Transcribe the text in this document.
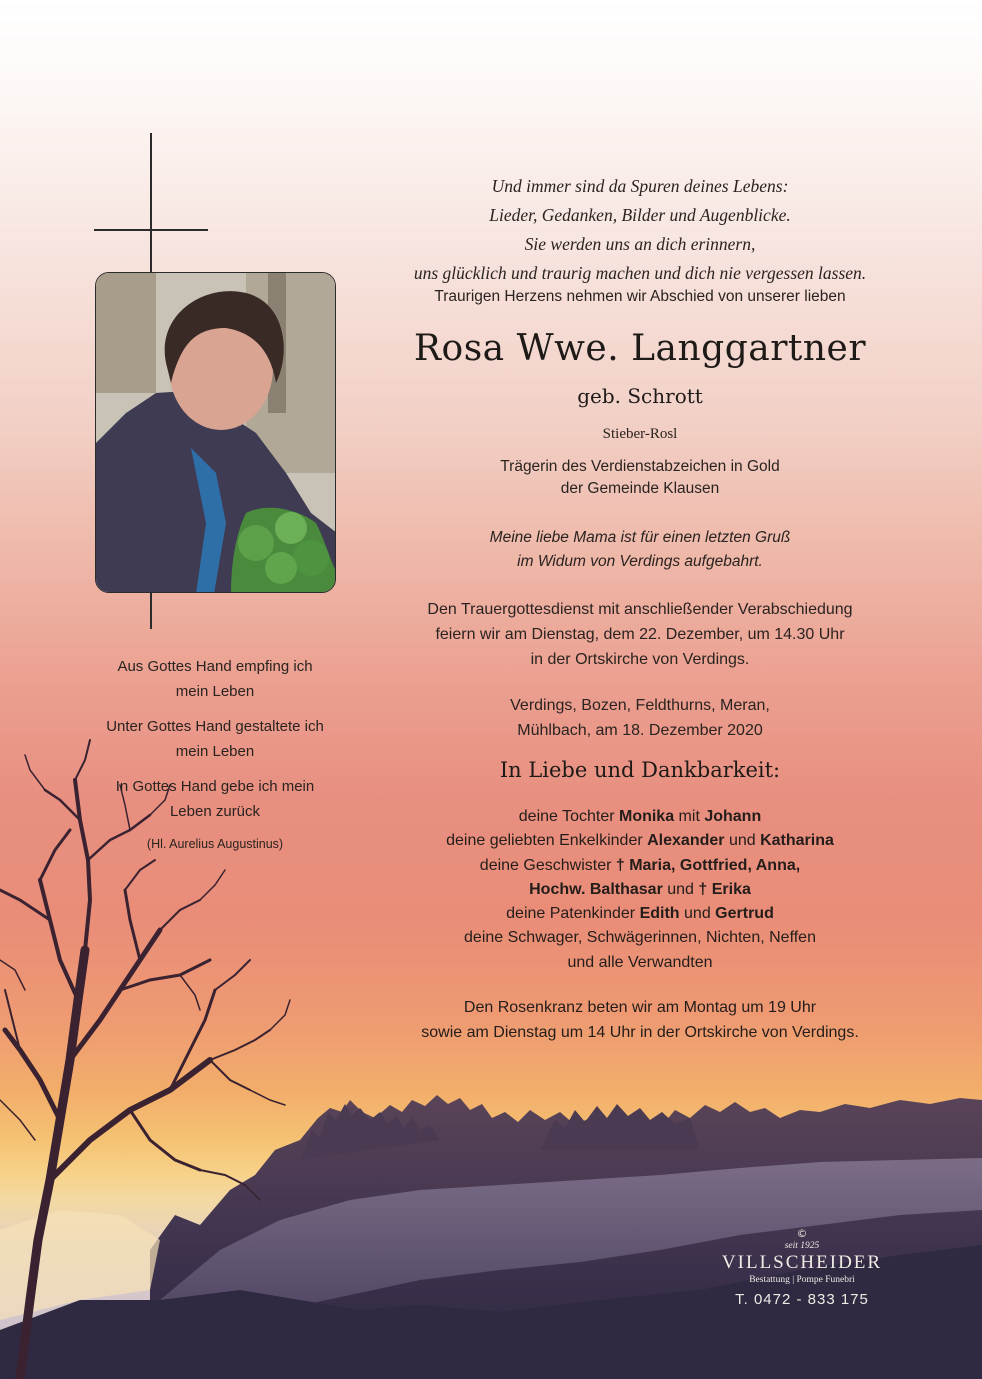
Und immer sind da Spuren deines Lebens:

Lieder, Gedanken, Bilder und Augenblicke.

Sie werden uns an dich erinnern,

uns glücklich und traurig machen und dich nie vergessen lassen.

Traurigen Herzens nehmen wir Abschied von unserer lieben

Rosa Wwe. Langgartner

geb. Schrott

Stieber-Rosl

Trägerin des Verdienstabzeichen in Gold

der Gemeinde Klausen

Meine liebe Mama ist für einen letzten Gruß

im Widum von Verdings aufgebahrt.

Den Trauergottesdienst mit anschließender Verabschiedung

feiern wir am Dienstag, dem 22. Dezember, um 14.30 Uhr

in der Ortskirche von Verdings.

Verdings, Bozen, Feldthurns, Meran,

Mühlbach, am 18. Dezember 2020

In Liebe und Dankbarkeit:

deine Tochter Monika mit Johann

deine geliebten Enkelkinder Alexander und Katharina

deine Geschwister † Maria, Gottfried, Anna,

Hochw. Balthasar und † Erika

deine Patenkinder Edith und Gertrud

deine Schwager, Schwägerinnen, Nichten, Neffen

und alle Verwandten

Den Rosenkranz beten wir am Montag um 19 Uhr

sowie am Dienstag um 14 Uhr in der Ortskirche von Verdings.

Aus Gottes Hand empfing ich

mein Leben

Unter Gottes Hand gestaltete ich

mein Leben

In Gottes Hand gebe ich mein

Leben zurück

(Hl. Aurelius Augustinus)

©
seit 1925
VILLSCHEIDER
Bestattung | Pompe Funebri
T. 0472 - 833 175
